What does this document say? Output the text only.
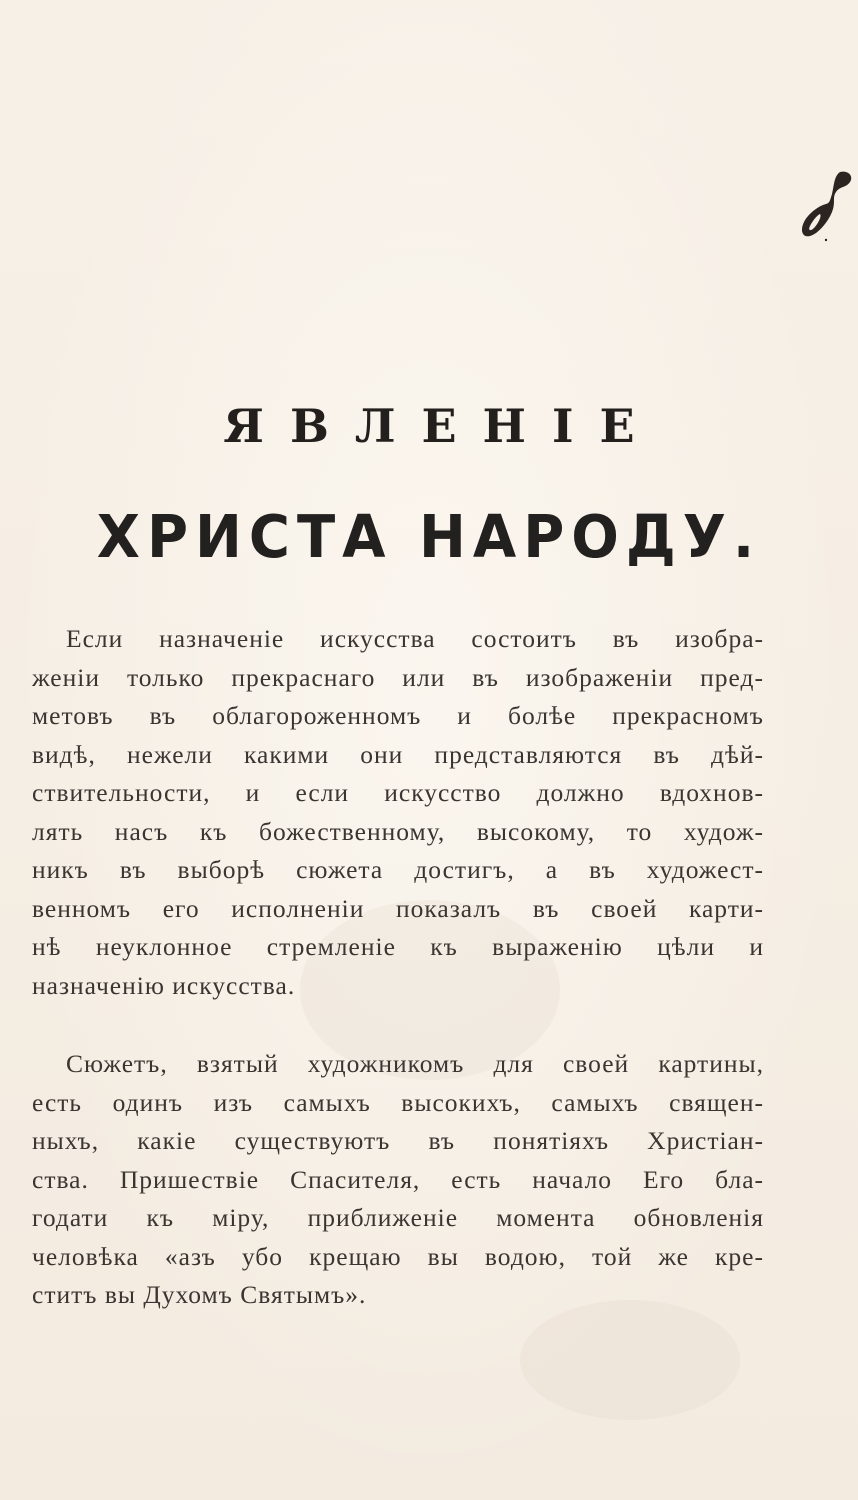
ЯВЛЕНІЕ
ХРИСТА НАРОДУ.
Если назначеніе искусства состоитъ въ изобра-
женіи только прекраснаго или въ изображеніи пред-
метовъ въ облагороженномъ и болѣе прекрасномъ
видѣ, нежели какими они представляются въ дѣй-
ствительности, и если искусство должно вдохнов-
лять насъ къ божественному, высокому, то худож-
никъ въ выборѣ сюжета достигъ, а въ художест-
венномъ его исполненіи показалъ въ своей карти-
нѣ неуклонное стремленіе къ выраженію цѣли и
назначенію искусства.
Сюжетъ, взятый художникомъ для своей картины,
есть одинъ изъ самыхъ высокихъ, самыхъ священ-
ныхъ, какіе существуютъ въ понятіяхъ Христіан-
ства. Пришествіе Спасителя, есть начало Его бла-
годати къ міру, приближеніе момента обновленія
человѣка «азъ убо крещаю вы водою, той же кре-
ститъ вы Духомъ Святымъ».
